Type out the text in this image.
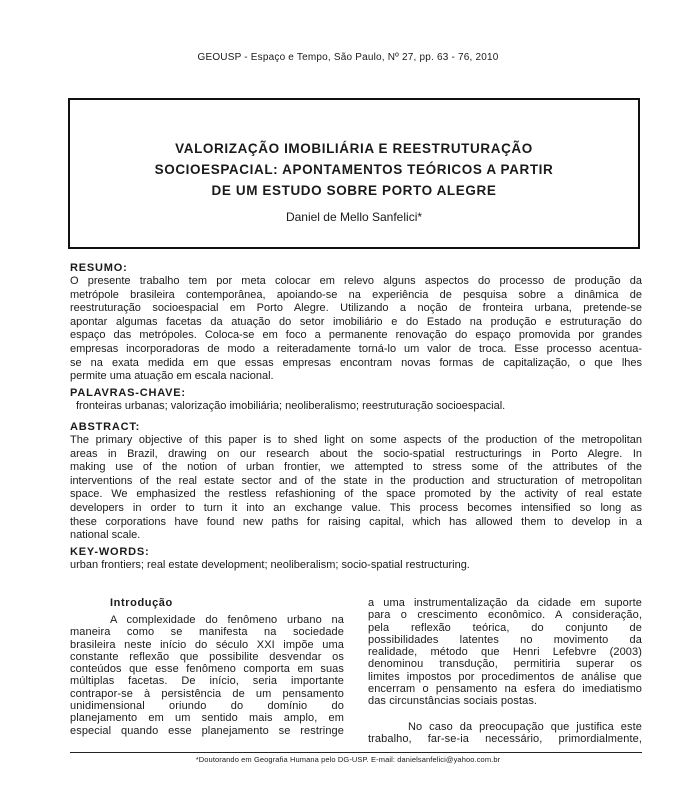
GEOUSP - Espaço e Tempo, São Paulo, Nº 27, pp. 63 - 76, 2010
VALORIZAÇÃO IMOBILIÁRIA E REESTRUTURAÇÃO
SOCIOESPACIAL: APONTAMENTOS TEÓRICOS A PARTIR
DE UM ESTUDO SOBRE PORTO ALEGRE
Daniel de Mello Sanfelici*
RESUMO:
O presente trabalho tem por meta colocar em relevo alguns aspectos do processo de produção da
metrópole brasileira contemporânea, apoiando-se na experiência de pesquisa sobre a dinâmica de
reestruturação socioespacial em Porto Alegre. Utilizando a noção de fronteira urbana, pretende-se
apontar algumas facetas da atuação do setor imobiliário e do Estado na produção e estruturação do
espaço das metrópoles. Coloca-se em foco a permanente renovação do espaço promovida por grandes
empresas incorporadoras de modo a reiteradamente torná-lo um valor de troca. Esse processo acentua-
se na exata medida em que essas empresas encontram novas formas de capitalização, o que lhes
permite uma atuação em escala nacional.
PALAVRAS-CHAVE:
fronteiras urbanas; valorização imobiliária; neoliberalismo; reestruturação socioespacial.
ABSTRACT:
The primary objective of this paper is to shed light on some aspects of the production of the metropolitan
areas in Brazil, drawing on our research about the socio-spatial restructurings in Porto Alegre. In
making use of the notion of urban frontier, we attempted to stress some of the attributes of the
interventions of the real estate sector and of the state in the production and structuration of metropolitan
space. We emphasized the restless refashioning of the space promoted by the activity of real estate
developers in order to turn it into an exchange value. This process becomes intensified so long as
these corporations have found new paths for raising capital, which has allowed them to develop in a
national scale.
KEY-WORDS:
urban frontiers; real estate development; neoliberalism; socio-spatial restructuring.
Introdução
A complexidade do fenômeno urbano na
maneira como se manifesta na sociedade
brasileira neste início do século XXI impõe uma
constante reflexão que possibilite desvendar os
conteúdos que esse fenômeno comporta em suas
múltiplas facetas. De início, seria importante
contrapor-se à persistência de um pensamento
unidimensional oriundo do domínio do
planejamento em um sentido mais amplo, em
especial quando esse planejamento se restringe
a uma instrumentalização da cidade em suporte
para o crescimento econômico. A consideração,
pela reflexão teórica, do conjunto de
possibilidades latentes no movimento da
realidade, método que Henri Lefebvre (2003)
denominou transdução, permitiria superar os
limites impostos por procedimentos de análise que
encerram o pensamento na esfera do imediatismo
das circunstâncias sociais postas.
No caso da preocupação que justifica este
trabalho, far-se-ia necessário, primordialmente,
*Doutorando em Geografia Humana pelo DG-USP. E-mail: danielsanfelici@yahoo.com.br
